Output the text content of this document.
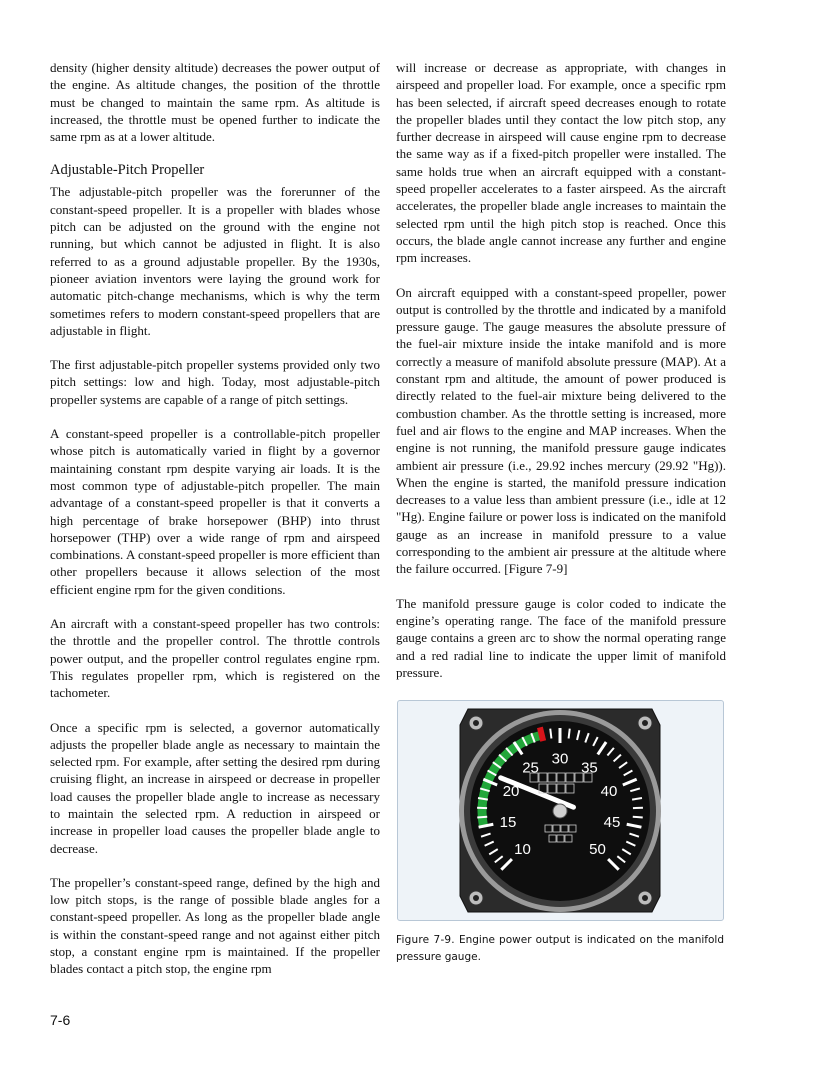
density (higher density altitude) decreases the power output of the engine. As altitude changes, the position of the throttle must be changed to maintain the same rpm. As altitude is increased, the throttle must be opened further to indicate the same rpm as at a lower altitude.

Adjustable-Pitch Propeller

The adjustable-pitch propeller was the forerunner of the constant-speed propeller. It is a propeller with blades whose pitch can be adjusted on the ground with the engine not running, but which cannot be adjusted in flight. It is also referred to as a ground adjustable propeller. By the 1930s, pioneer aviation inventors were laying the ground work for automatic pitch-change mechanisms, which is why the term sometimes refers to modern constant-speed propellers that are adjustable in flight.

The first adjustable-pitch propeller systems provided only two pitch settings: low and high. Today, most adjustable-pitch propeller systems are capable of a range of pitch settings.

A constant-speed propeller is a controllable-pitch propeller whose pitch is automatically varied in flight by a governor maintaining constant rpm despite varying air loads. It is the most common type of adjustable-pitch propeller. The main advantage of a constant-speed propeller is that it converts a high percentage of brake horsepower (BHP) into thrust horsepower (THP) over a wide range of rpm and airspeed combinations. A constant-speed propeller is more efficient than other propellers because it allows selection of the most efficient engine rpm for the given conditions.

An aircraft with a constant-speed propeller has two controls: the throttle and the propeller control. The throttle controls power output, and the propeller control regulates engine rpm. This regulates propeller rpm, which is registered on the tachometer.

Once a specific rpm is selected, a governor automatically adjusts the propeller blade angle as necessary to maintain the selected rpm. For example, after setting the desired rpm during cruising flight, an increase in airspeed or decrease in propeller load causes the propeller blade angle to increase as necessary to maintain the selected rpm. A reduction in airspeed or increase in propeller load causes the propeller blade angle to decrease.

The propeller’s constant-speed range, defined by the high and low pitch stops, is the range of possible blade angles for a constant-speed propeller. As long as the propeller blade angle is within the constant-speed range and not against either pitch stop, a constant engine rpm is maintained. If the propeller blades contact a pitch stop, the engine rpm

will increase or decrease as appropriate, with changes in airspeed and propeller load. For example, once a specific rpm has been selected, if aircraft speed decreases enough to rotate the propeller blades until they contact the low pitch stop, any further decrease in airspeed will cause engine rpm to decrease the same way as if a fixed-pitch propeller were installed. The same holds true when an aircraft equipped with a constant-speed propeller accelerates to a faster airspeed. As the aircraft accelerates, the propeller blade angle increases to maintain the selected rpm until the high pitch stop is reached. Once this occurs, the blade angle cannot increase any further and engine rpm increases.

On aircraft equipped with a constant-speed propeller, power output is controlled by the throttle and indicated by a manifold pressure gauge. The gauge measures the absolute pressure of the fuel-air mixture inside the intake manifold and is more correctly a measure of manifold absolute pressure (MAP). At a constant rpm and altitude, the amount of power produced is directly related to the fuel-air mixture being delivered to the combustion chamber. As the throttle setting is increased, more fuel and air flows to the engine and MAP increases. When the engine is not running, the manifold pressure gauge indicates ambient air pressure (i.e., 29.92 inches mercury (29.92 "Hg)). When the engine is started, the manifold pressure indication decreases to a value less than ambient pressure (i.e., idle at 12 "Hg). Engine failure or power loss is indicated on the manifold gauge as an increase in manifold pressure to a value corresponding to the ambient air pressure at the altitude where the failure occurred. [Figure 7-9]

The manifold pressure gauge is color coded to indicate the engine’s operating range. The face of the manifold pressure gauge contains a green arc to show the normal operating range and a red radial line to indicate the upper limit of manifold pressure.

10
15
20
25
30
35
40
45
50
Figure 7-9. Engine power output is indicated on the manifold pressure gauge.
7-6
